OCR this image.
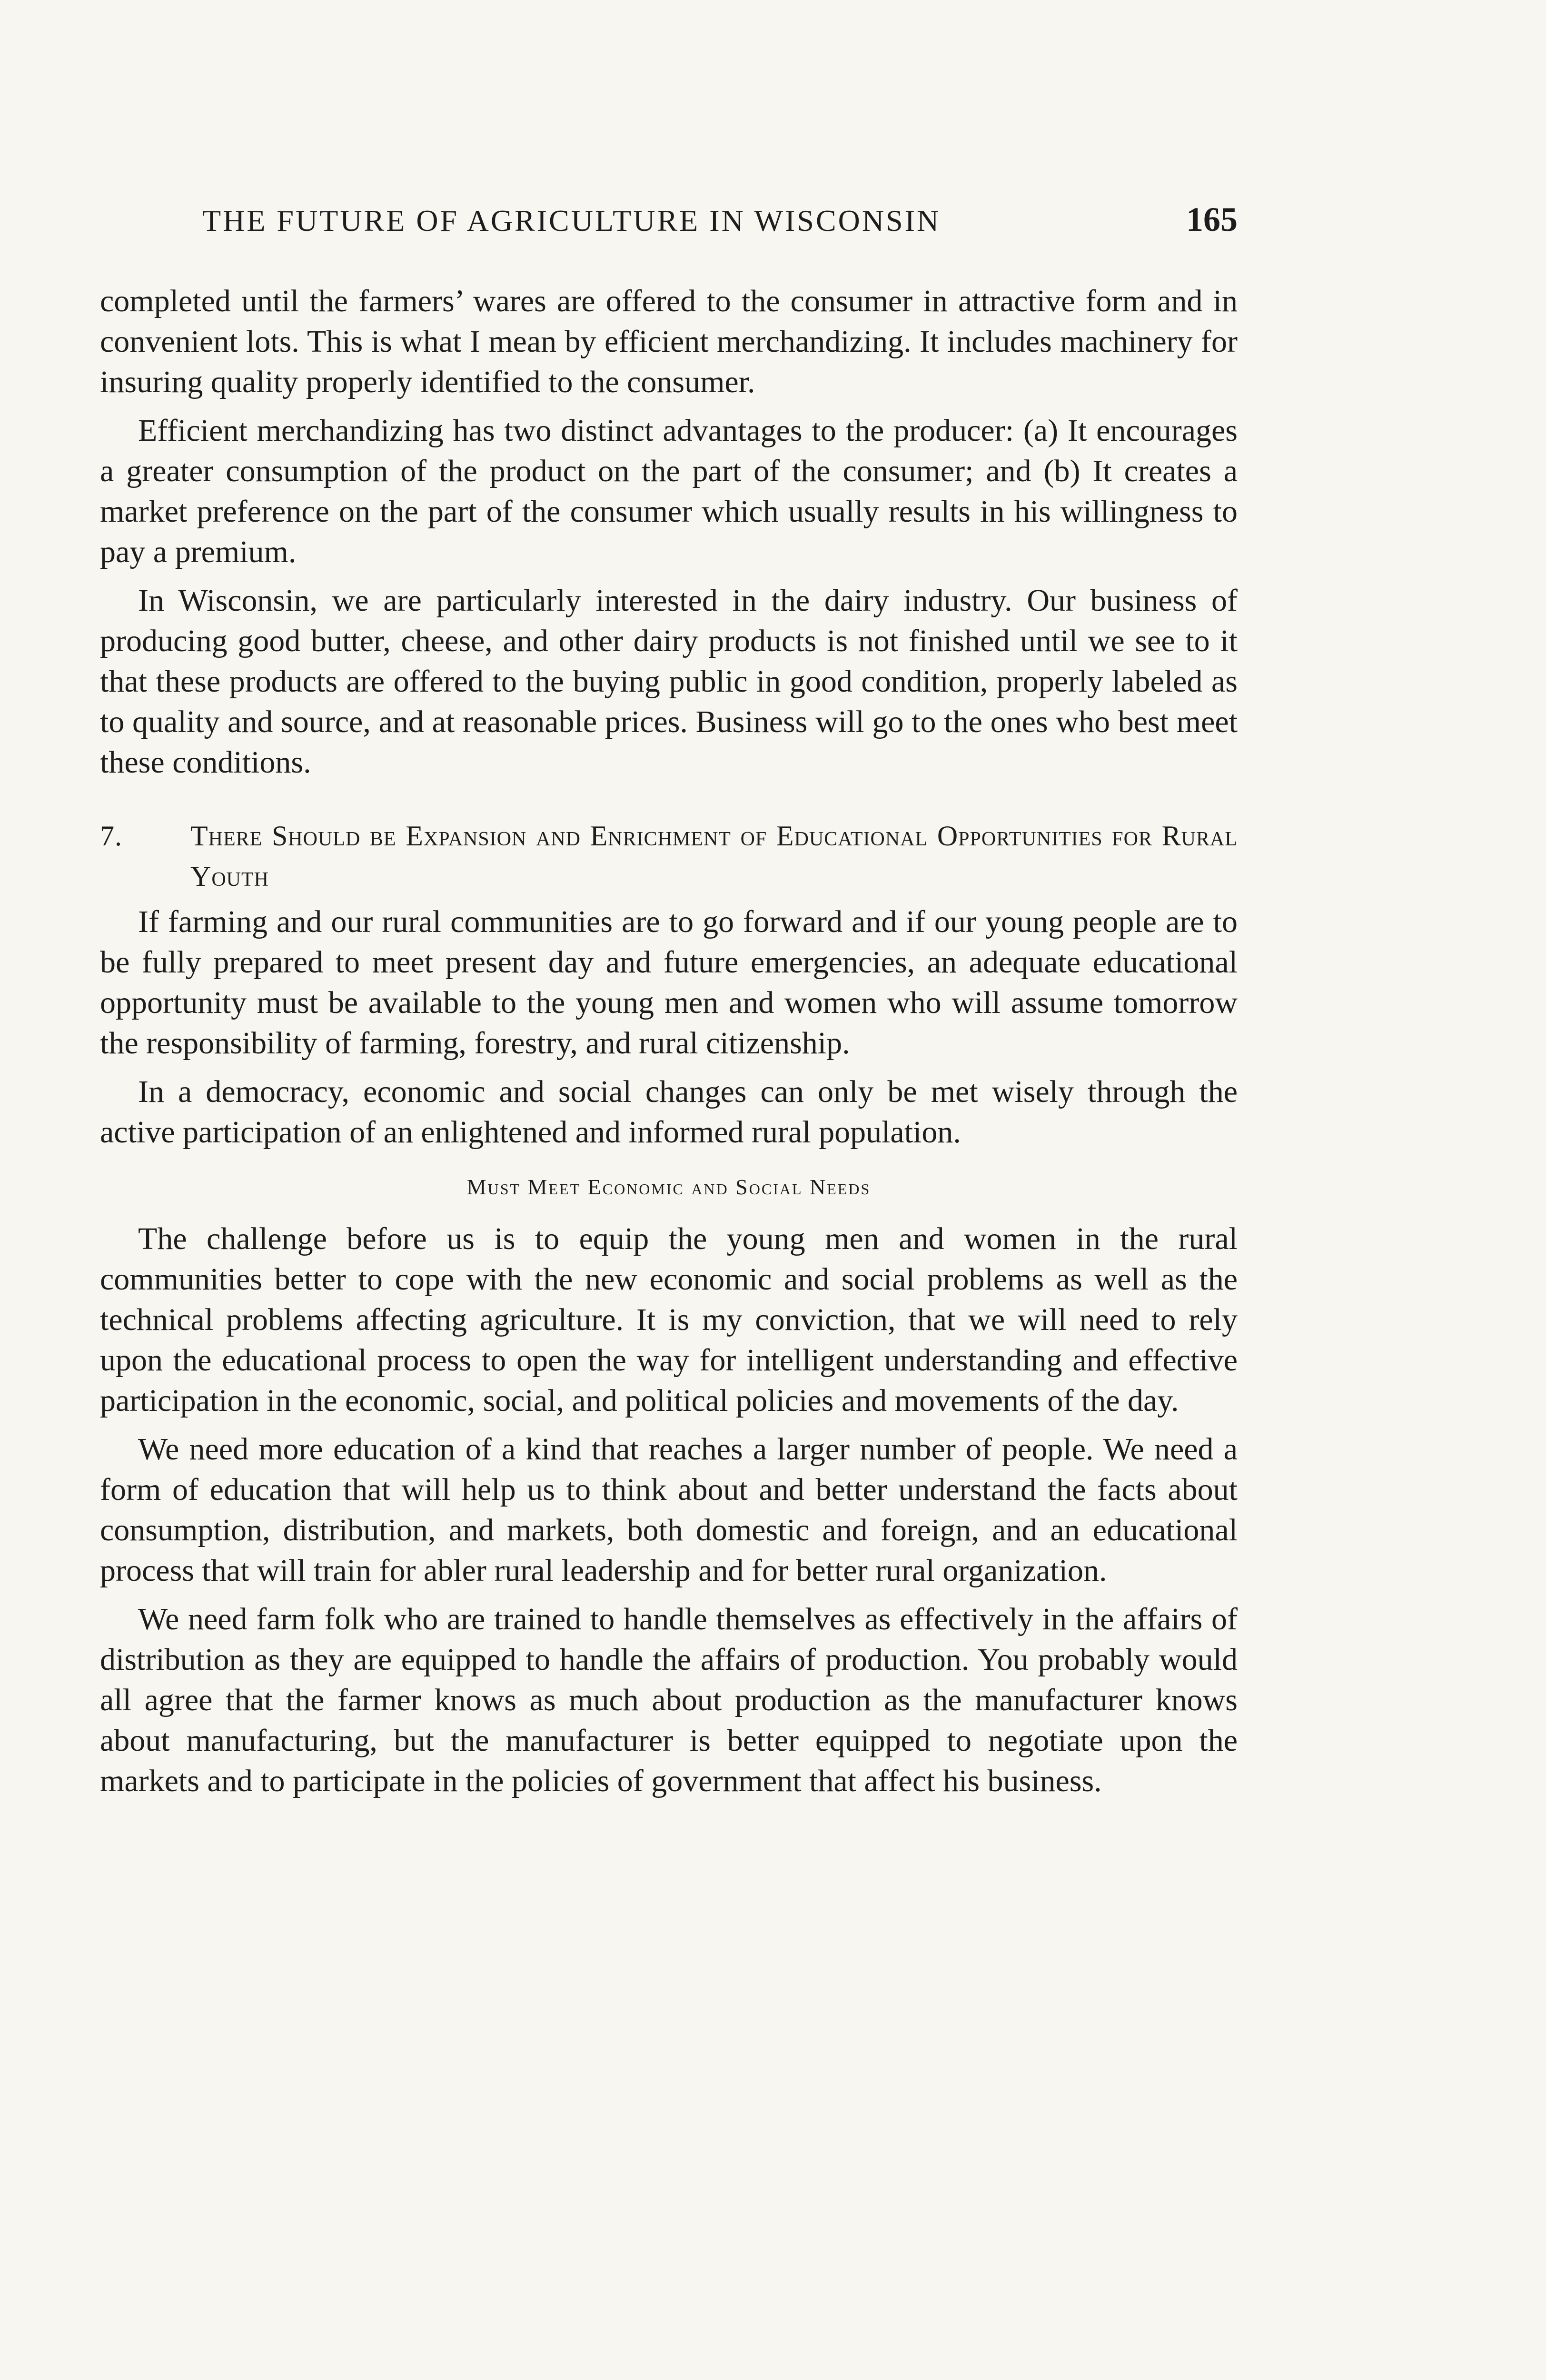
THE FUTURE OF AGRICULTURE IN WISCONSIN	165

completed until the farmers’ wares are offered to the consumer in attractive form and in convenient lots. This is what I mean by efficient merchandizing. It includes machinery for insuring quality properly identified to the consumer.

Efficient merchandizing has two distinct advantages to the producer: (a) It encourages a greater consumption of the product on the part of the consumer; and (b) It creates a market preference on the part of the consumer which usually results in his willingness to pay a premium.

In Wisconsin, we are particularly interested in the dairy industry. Our business of producing good butter, cheese, and other dairy products is not finished until we see to it that these products are offered to the buying public in good condition, properly labeled as to quality and source, and at reasonable prices. Business will go to the ones who best meet these conditions.

7. There Should be Expansion and Enrichment of Educational Opportunities for Rural Youth

If farming and our rural communities are to go forward and if our young people are to be fully prepared to meet present day and future emergencies, an adequate educational opportunity must be available to the young men and women who will assume tomorrow the responsibility of farming, forestry, and rural citizenship.

In a democracy, economic and social changes can only be met wisely through the active participation of an enlightened and informed rural population.

Must Meet Economic and Social Needs

The challenge before us is to equip the young men and women in the rural communities better to cope with the new economic and social problems as well as the technical problems affecting agriculture. It is my conviction, that we will need to rely upon the educational process to open the way for intelligent understanding and effective participation in the economic, social, and political policies and movements of the day.

We need more education of a kind that reaches a larger number of people. We need a form of education that will help us to think about and better understand the facts about consumption, distribution, and markets, both domestic and foreign, and an educational process that will train for abler rural leadership and for better rural organization.

We need farm folk who are trained to handle themselves as effectively in the affairs of distribution as they are equipped to handle the affairs of production. You probably would all agree that the farmer knows as much about production as the manufacturer knows about manufacturing, but the manufacturer is better equipped to negotiate upon the markets and to participate in the policies of government that affect his business.
